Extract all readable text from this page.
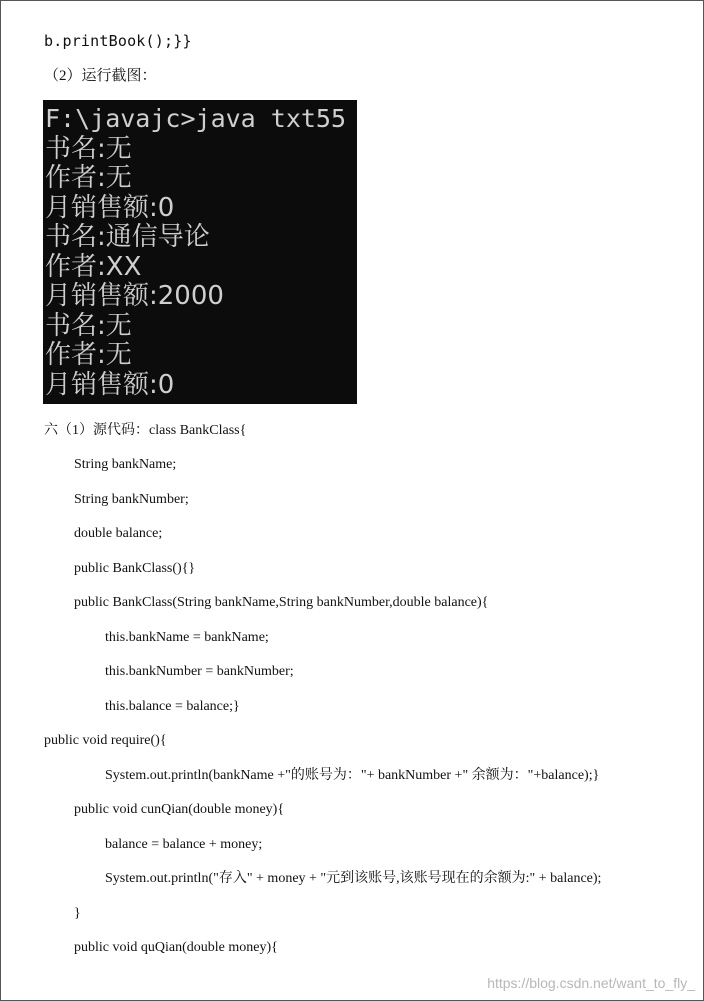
b.printBook();}}
（2）运行截图：
F:\javajc>java txt55
书名:无
作者:无
月销售额:0
书名:通信导论
作者:XX
月销售额:2000
书名:无
作者:无
月销售额:0
六（1）源代码：class BankClass{
String bankName;
String bankNumber;
double balance;
public BankClass(){}
public BankClass(String bankName,String bankNumber,double balance){
this.bankName = bankName;
this.bankNumber = bankNumber;
this.balance = balance;}
public void require(){
System.out.println(bankName +"的账号为："+ bankNumber +" 余额为："+balance);}
public void cunQian(double money){
balance = balance + money;
System.out.println("存入" + money + "元到该账号,该账号现在的余额为:" + balance);
}
public void quQian(double money){
https://blog.csdn.net/want_to_fly_
